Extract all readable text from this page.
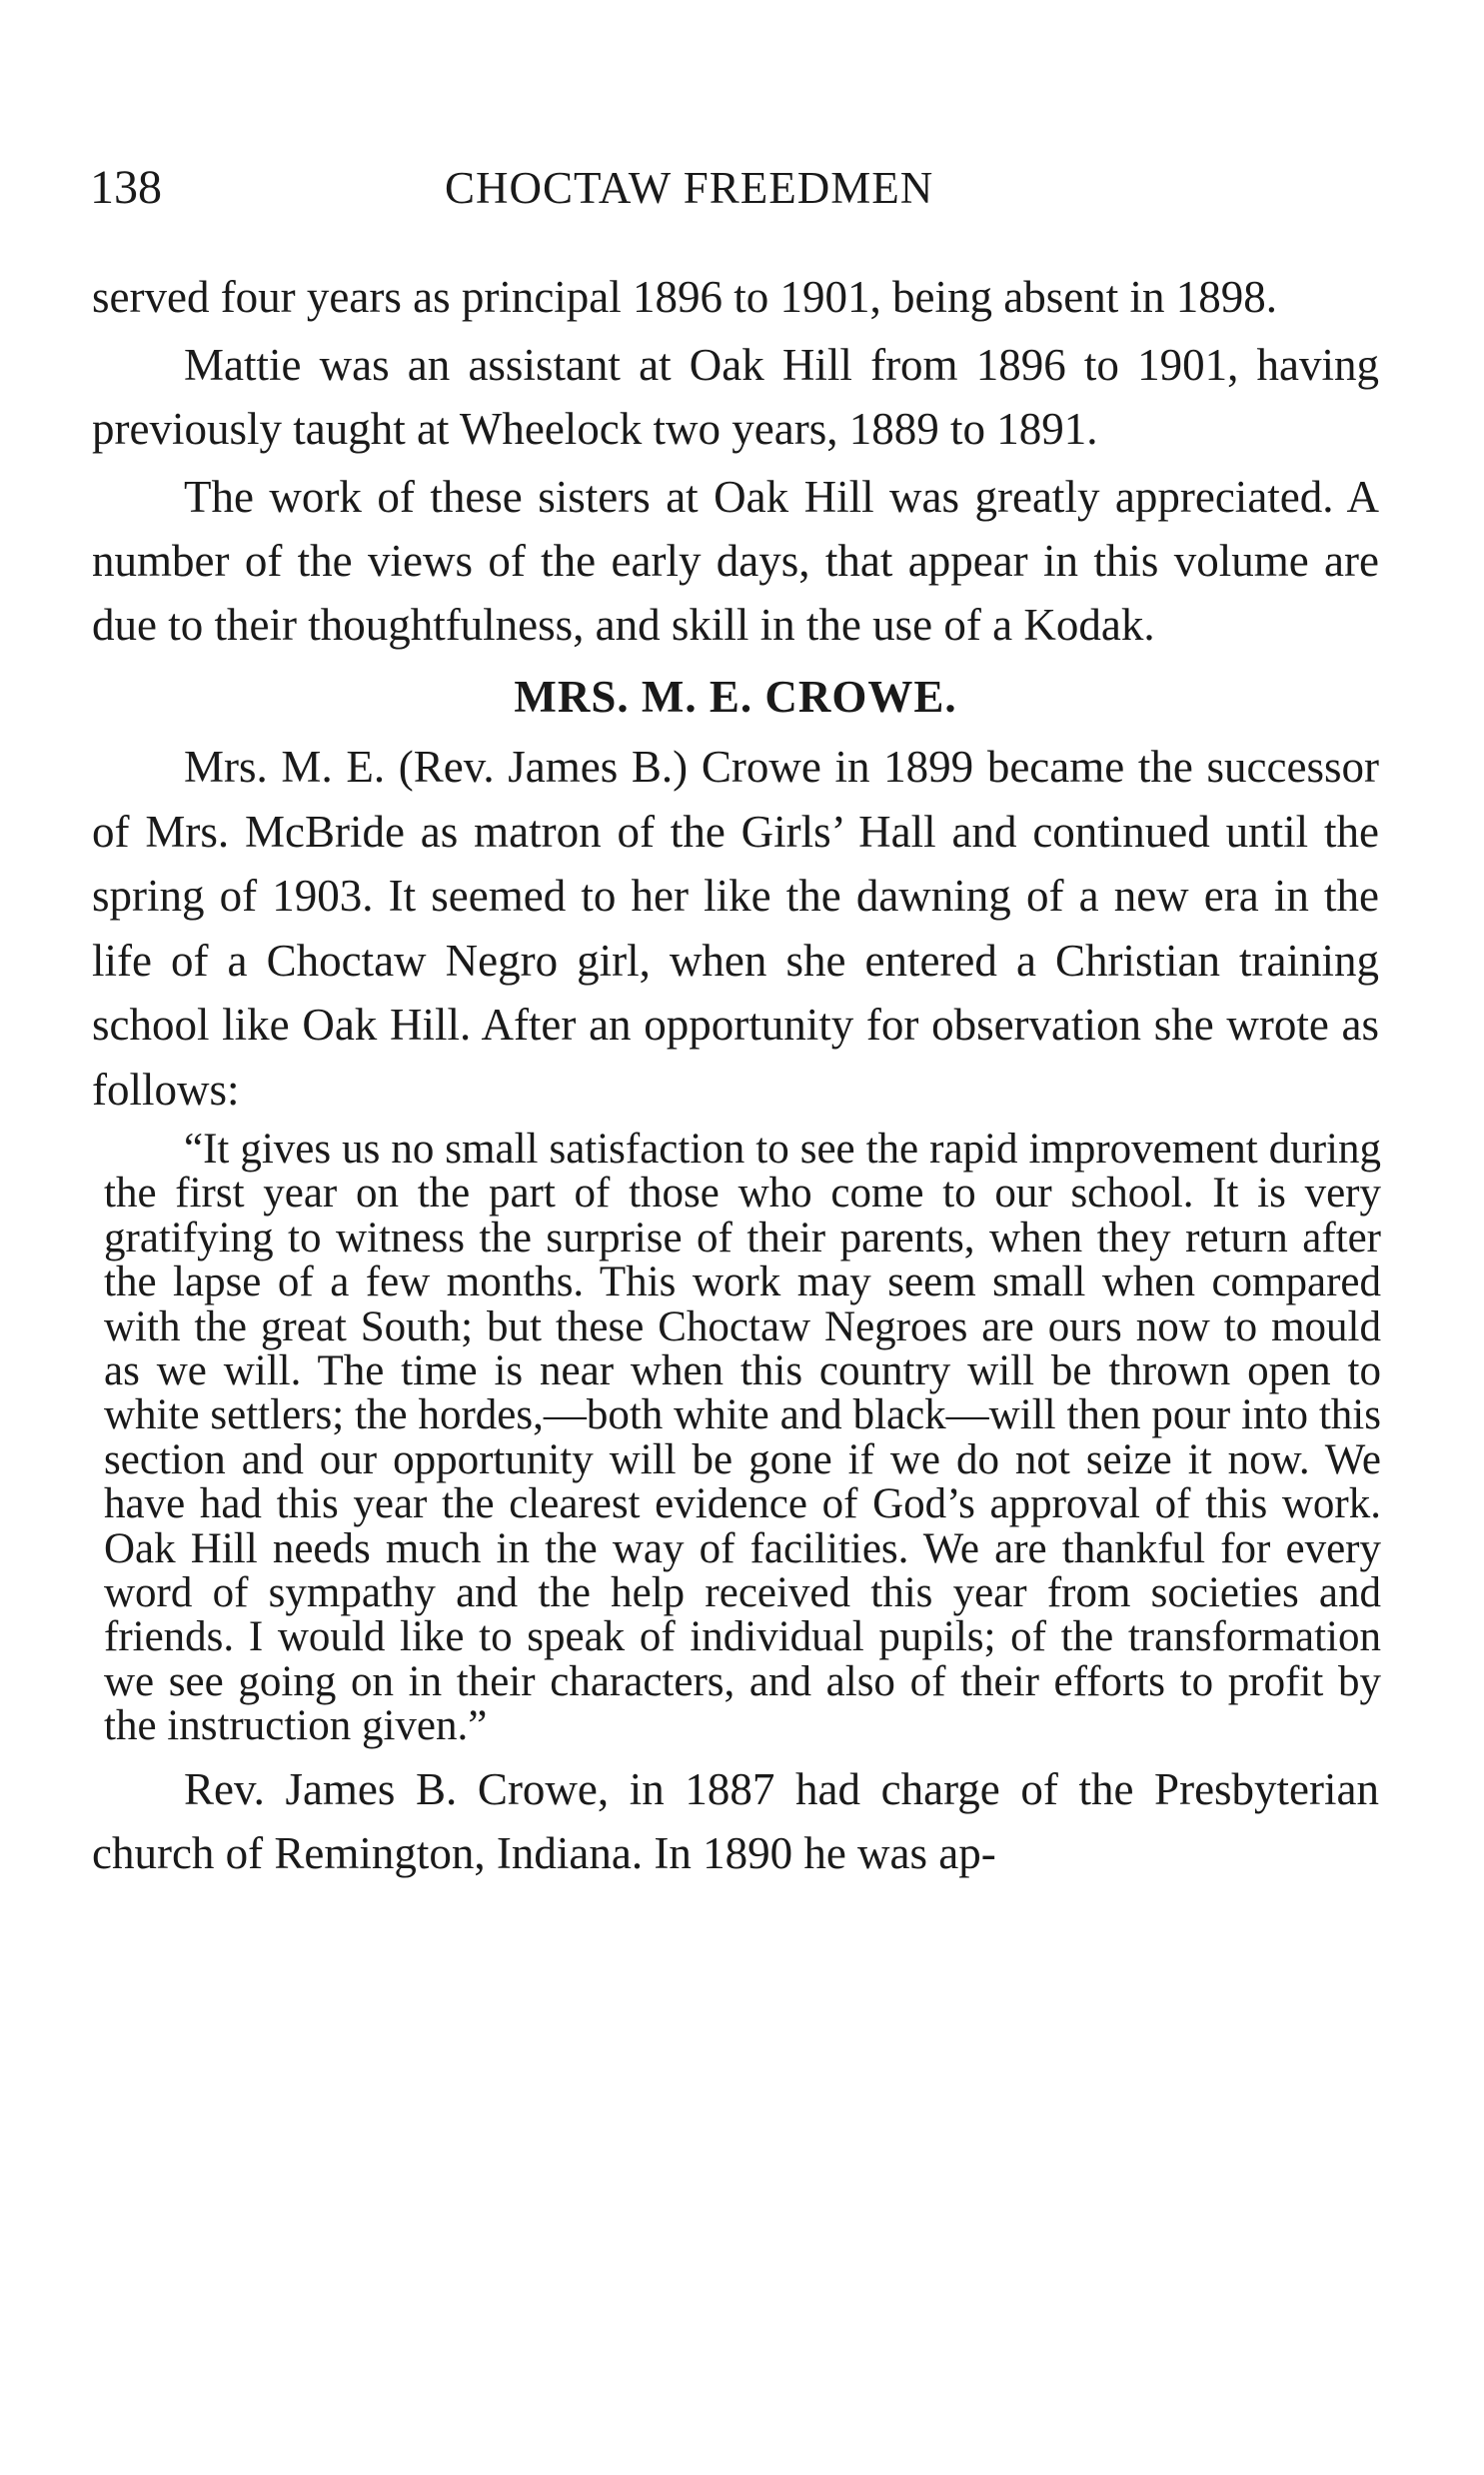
138	CHOCTAW FREEDMEN

served four years as principal 1896 to 1901, being absent in 1898.

Mattie was an assistant at Oak Hill from 1896 to 1901, having previously taught at Wheelock two years, 1889 to 1891.

The work of these sisters at Oak Hill was greatly appreciated. A number of the views of the early days, that appear in this volume are due to their thoughtfulness, and skill in the use of a Kodak.

MRS. M. E. CROWE.

Mrs. M. E. (Rev. James B.) Crowe in 1899 became the successor of Mrs. McBride as matron of the Girls’ Hall and continued until the spring of 1903. It seemed to her like the dawning of a new era in the life of a Choctaw Negro girl, when she entered a Christian training school like Oak Hill. After an opportunity for observation she wrote as follows:

“It gives us no small satisfaction to see the rapid improvement during the first year on the part of those who come to our school. It is very gratifying to witness the surprise of their parents, when they return after the lapse of a few months. This work may seem small when compared with the great South; but these Choctaw Negroes are ours now to mould as we will. The time is near when this country will be thrown open to white settlers; the hordes,—both white and black—will then pour into this section and our opportunity will be gone if we do not seize it now. We have had this year the clearest evidence of God’s approval of this work. Oak Hill needs much in the way of facilities. We are thankful for every word of sympathy and the help received this year from societies and friends. I would like to speak of individual pupils; of the transformation we see going on in their characters, and also of their efforts to profit by the instruction given.”

Rev. James B. Crowe, in 1887 had charge of the Presbyterian church of Remington, Indiana. In 1890 he was ap-
